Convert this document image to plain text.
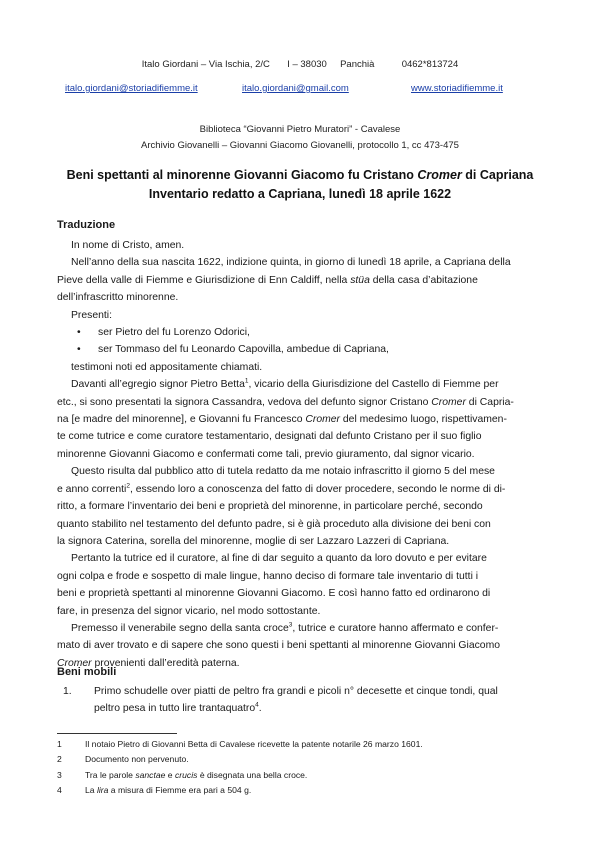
Italo Giordani – Via Ischia, 2/C I – 38030 Panchià	0462*813724
italo.giordani@storiadifiemme.it	italo.giordani@gmail.com	www.storiadifiemme.it
Biblioteca “Giovanni Pietro Muratori” - Cavalese
Archivio Giovanelli – Giovanni Giacomo Giovanelli, protocollo 1, cc 473-475
Beni spettanti al minorenne Giovanni Giacomo fu Cristano Cromer di Capriana
Inventario redatto a Capriana, lunedì 18 aprile 1622
Traduzione
In nome di Cristo, amen.
Nell’anno della sua nascita 1622, indizione quinta, in giorno di lunedì 18 aprile, a Capriana della
Pieve della valle di Fiemme e Giurisdizione di Enn Caldiff, nella stüa della casa d’abitazione
dell’infrascritto minorenne.
Presenti:
• ser Pietro del fu Lorenzo Odorici,
• ser Tommaso del fu Leonardo Capovilla, ambedue di Capriana,
testimoni noti ed appositamente chiamati.
Davanti all’egregio signor Pietro Betta$^1$, vicario della Giurisdizione del Castello di Fiemme per
etc., si sono presentati la signora Cassandra, vedova del defunto signor Cristano Cromer di Capria-
na [e madre del minorenne], e Giovanni fu Francesco Cromer del medesimo luogo, rispettivamen-
te come tutrice e come curatore testamentario, designati dal defunto Cristano per il suo figlio
minorenne Giovanni Giacomo e confermati come tali, previo giuramento, dal signor vicario.
Questo risulta dal pubblico atto di tutela redatto da me notaio infrascritto il giorno 5 del mese
e anno correnti$^2$, essendo loro a conoscenza del fatto di dover procedere, secondo le norme di di-
ritto, a formare l’inventario dei beni e proprietà del minorenne, in particolare perché, secondo
quanto stabilito nel testamento del defunto padre, si è già proceduto alla divisione dei beni con
la signora Caterina, sorella del minorenne, moglie di ser Lazzaro Lazzeri di Capriana.
Pertanto la tutrice ed il curatore, al fine di dar seguito a quanto da loro dovuto e per evitare
ogni colpa e frode e sospetto di male lingue, hanno deciso di formare tale inventario di tutti i
beni e proprietà spettanti al minorenne Giovanni Giacomo. E così hanno fatto ed ordinarono di
fare, in presenza del signor vicario, nel modo sottostante.
Premesso il venerabile segno della santa croce$^3$, tutrice e curatore hanno affermato e confer-
mato di aver trovato e di sapere che sono questi i beni spettanti al minorenne Giovanni Giacomo
Cromer provenienti dall’eredità paterna.
Beni mobili
1. Primo schudelle over piatti de peltro fra grandi e picoli n° decesette et cinque tondi, qual
peltro pesa in tutto lire trantaquatro$^4$.
1	Il notaio Pietro di Giovanni Betta di Cavalese ricevette la patente notarile 26 marzo 1601.
2	Documento non pervenuto.
3	Tra le parole sanctae e crucis è disegnata una bella croce.
4	La lira a misura di Fiemme era pari a 504 g.
